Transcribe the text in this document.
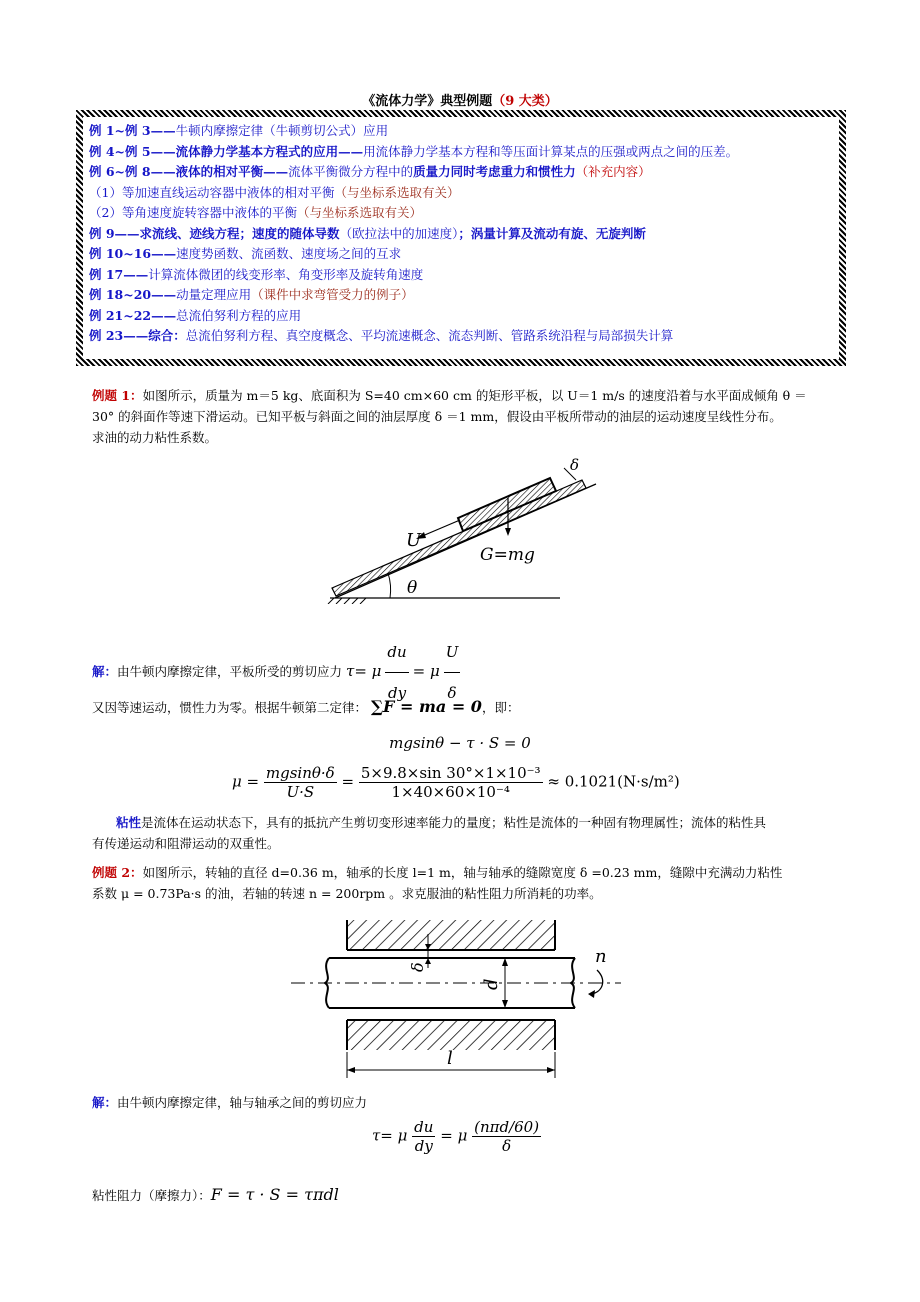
《流体力学》典型例题（9 大类）
例 1~例 3——牛顿内摩擦定律（牛顿剪切公式）应用
例 4~例 5——流体静力学基本方程式的应用——用流体静力学基本方程和等压面计算某点的压强或两点之间的压差。
例 6~例 8——液体的相对平衡——流体平衡微分方程中的质量力同时考虑重力和惯性力（补充内容）
（1）等加速直线运动容器中液体的相对平衡（与坐标系选取有关）
（2）等角速度旋转容器中液体的平衡（与坐标系选取有关）
例 9——求流线、迹线方程；速度的随体导数（欧拉法中的加速度）；涡量计算及流动有旋、无旋判断
例 10~16——速度势函数、流函数、速度场之间的互求
例 17——计算流体微团的线变形率、角变形率及旋转角速度
例 18~20——动量定理应用（课件中求弯管受力的例子）
例 21~22——总流伯努利方程的应用
例 23——综合：总流伯努利方程、真空度概念、平均流速概念、流态判断、管路系统沿程与局部损失计算
例题 1：如图所示，质量为 m＝5 kg、底面积为 S=40 cm×60 cm 的矩形平板，以 U＝1 m/s 的速度沿着与水平面成倾角 θ ＝
30° 的斜面作等速下滑运动。已知平板与斜面之间的油层厚度 δ ＝1 mm，假设由平板所带动的油层的运动速度呈线性分布。
求油的动力粘性系数。
δ
U
G=mg
θ
解：由牛顿内摩擦定律，平板所受的剪切应力 τ= μ $\frac{du}{dy} = \mu \frac{U}{\delta}$
又因等速运动，惯性力为零。根据牛顿第二定律： ∑F = ma = 0，即：
mgsinθ − τ · S = 0
$\mu = \frac{mgsin\theta\cdot\delta}{U\cdot S} = \frac{\text{5×9.8×sin 30°×1×10⁻³}}{\text{1×40×60×10⁻⁴}} \approx 0.1021(N\cdot s/m^2)$
粘性是流体在运动状态下，具有的抵抗产生剪切变形速率能力的量度；粘性是流体的一种固有物理属性；流体的粘性具
有传递运动和阻滞运动的双重性。
例题 2：如图所示，转轴的直径 d=0.36 m，轴承的长度 l=1 m，轴与轴承的缝隙宽度 δ =0.23 mm，缝隙中充满动力粘性
系数 μ = 0.73Pa·s 的油，若轴的转速 n = 200rpm 。求克服油的粘性阻力所消耗的功率。
δ
d
n
l
解：由牛顿内摩擦定律，轴与轴承之间的剪切应力
τ= μ $\frac{du}{dy} = \mu \frac{\text{(nπd/60)}}{\delta}$
粘性阻力（摩擦力）：F = τ · S = τπdl
